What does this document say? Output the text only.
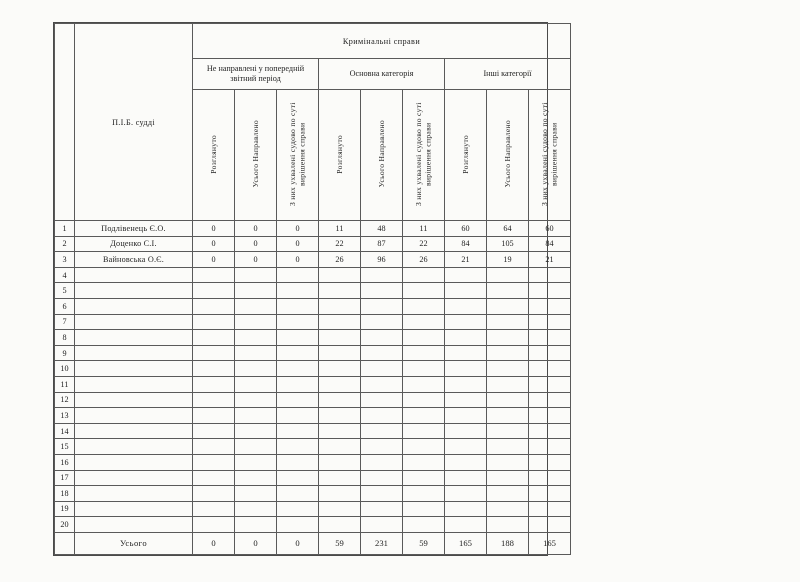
	П.І.Б. судді	Кримінальні справи								
		Не направлені у попередній звітний період			Основна категорія			Інші категорії		
		Розглянуто	Усього Направлено	З них ухвалені судово по суті вирішення справи	Розглянуто	Усього Направлено	З них ухвалені судово по суті вирішення справи	Розглянуто	Усього Направлено	З них ухвалені судово по суті вирішення справи
1	Подлівенець Є.О.	0	0	0	11	48	11	60	64	60
2	Доценко С.І.	0	0	0	22	87	22	84	105	84
3	Вайновська О.Є.	0	0	0	26	96	26	21	19	21
4										
5										
6										
7										
8										
9										
10										
11										
12										
13										
14										
15										
16										
17										
18										
19										
20										
	Усього	0	0	0	59	231	59	165	188	165
